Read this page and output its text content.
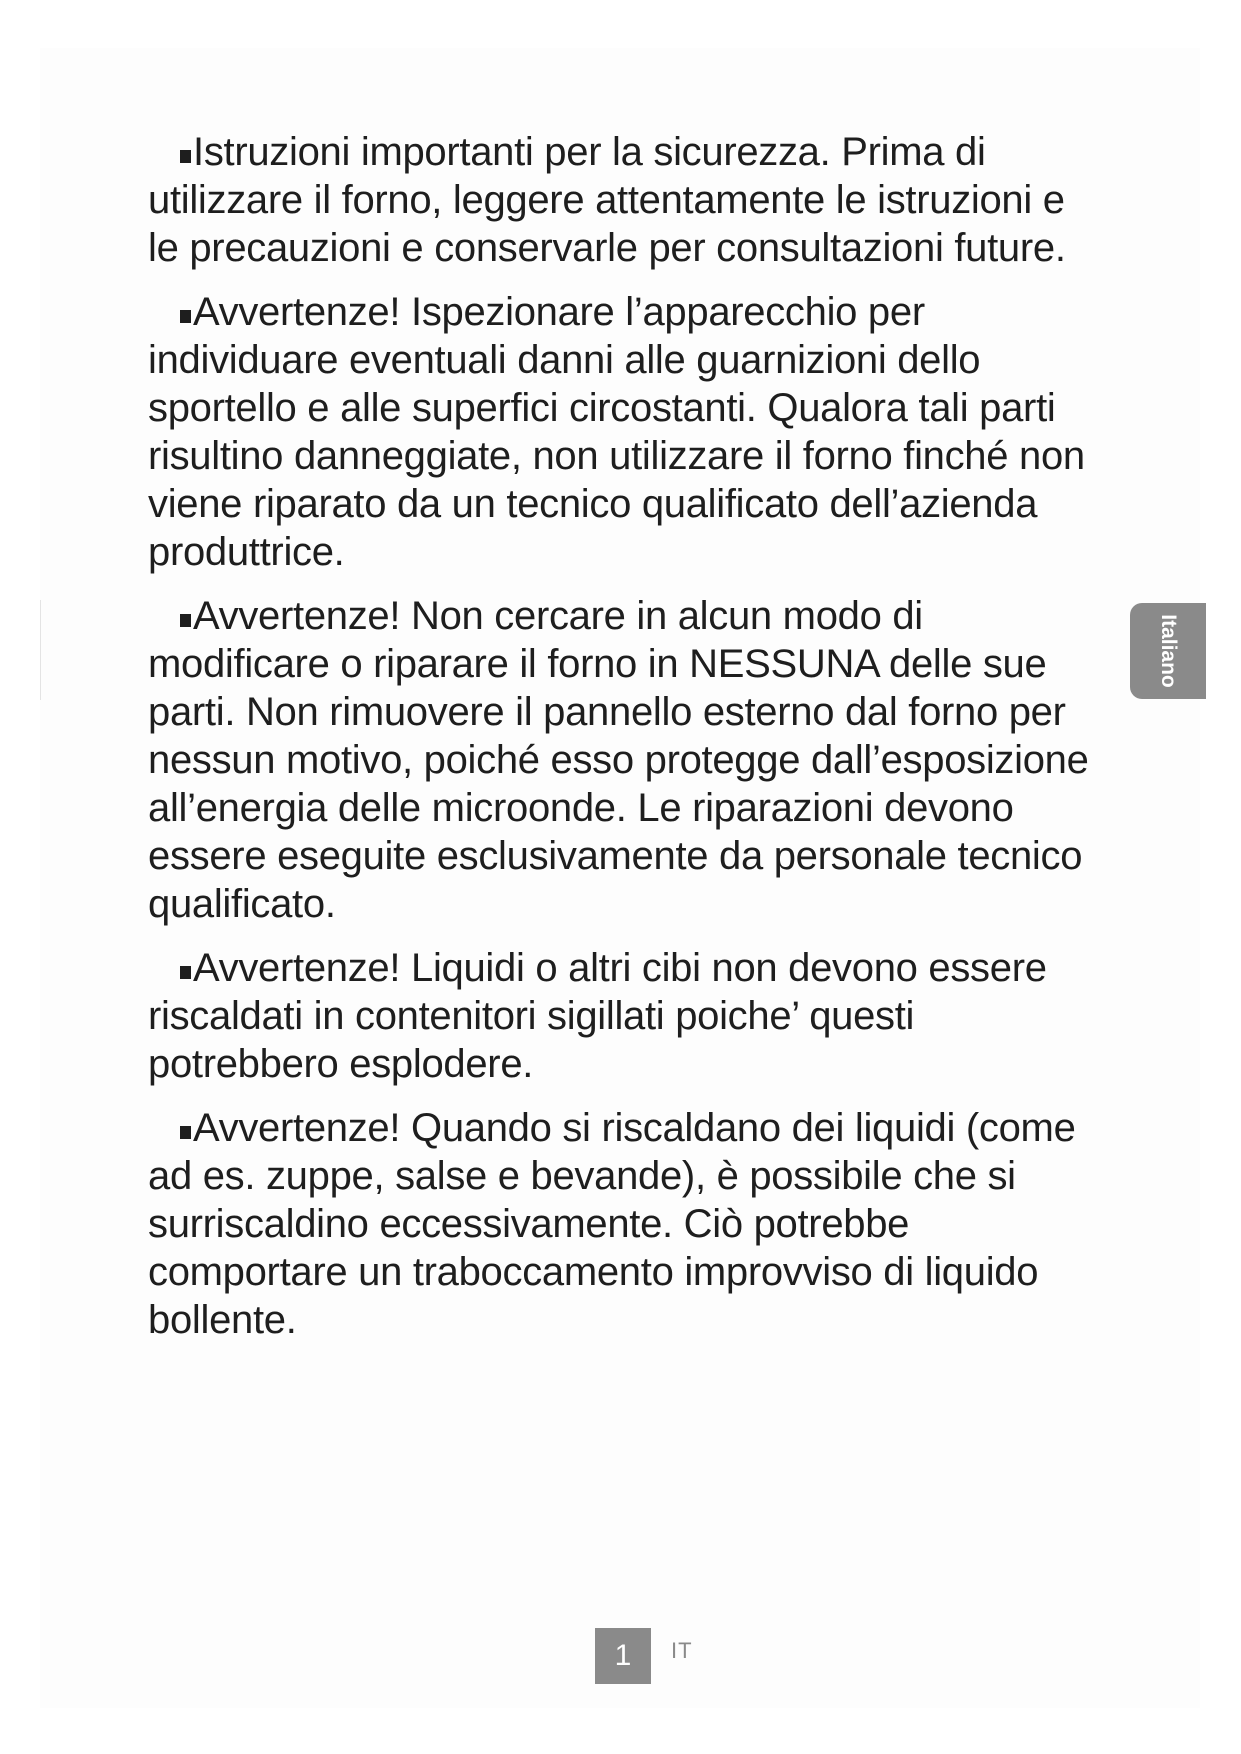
Istruzioni importanti per la sicurezza. Prima di utilizzare il forno, leggere attentamente le istruzioni e le precauzioni e conservarle per consultazioni future.

Avvertenze! Ispezionare l’apparecchio per individuare eventuali danni alle guarnizioni dello sportello e alle superfici circostanti. Qualora tali parti risultino danneggiate, non utilizzare il forno finché non viene riparato da un tecnico qualificato dell’azienda produttrice.

Avvertenze! Non cercare in alcun modo di modificare o riparare il forno in NESSUNA delle sue parti. Non rimuovere il pannello esterno dal forno per nessun motivo, poiché esso protegge dall’esposizione all’energia delle microonde. Le riparazioni devono essere eseguite esclusivamente da personale tecnico qualificato.

Avvertenze! Liquidi o altri cibi non devono essere riscaldati in contenitori sigillati poiche’ questi potrebbero esplodere.

Avvertenze! Quando si riscaldano dei liquidi (come ad es. zuppe, salse e bevande), è possibile che si surriscaldino eccessivamente. Ciò potrebbe comportare un traboccamento improvviso di liquido bollente.

Italiano
1	IT
